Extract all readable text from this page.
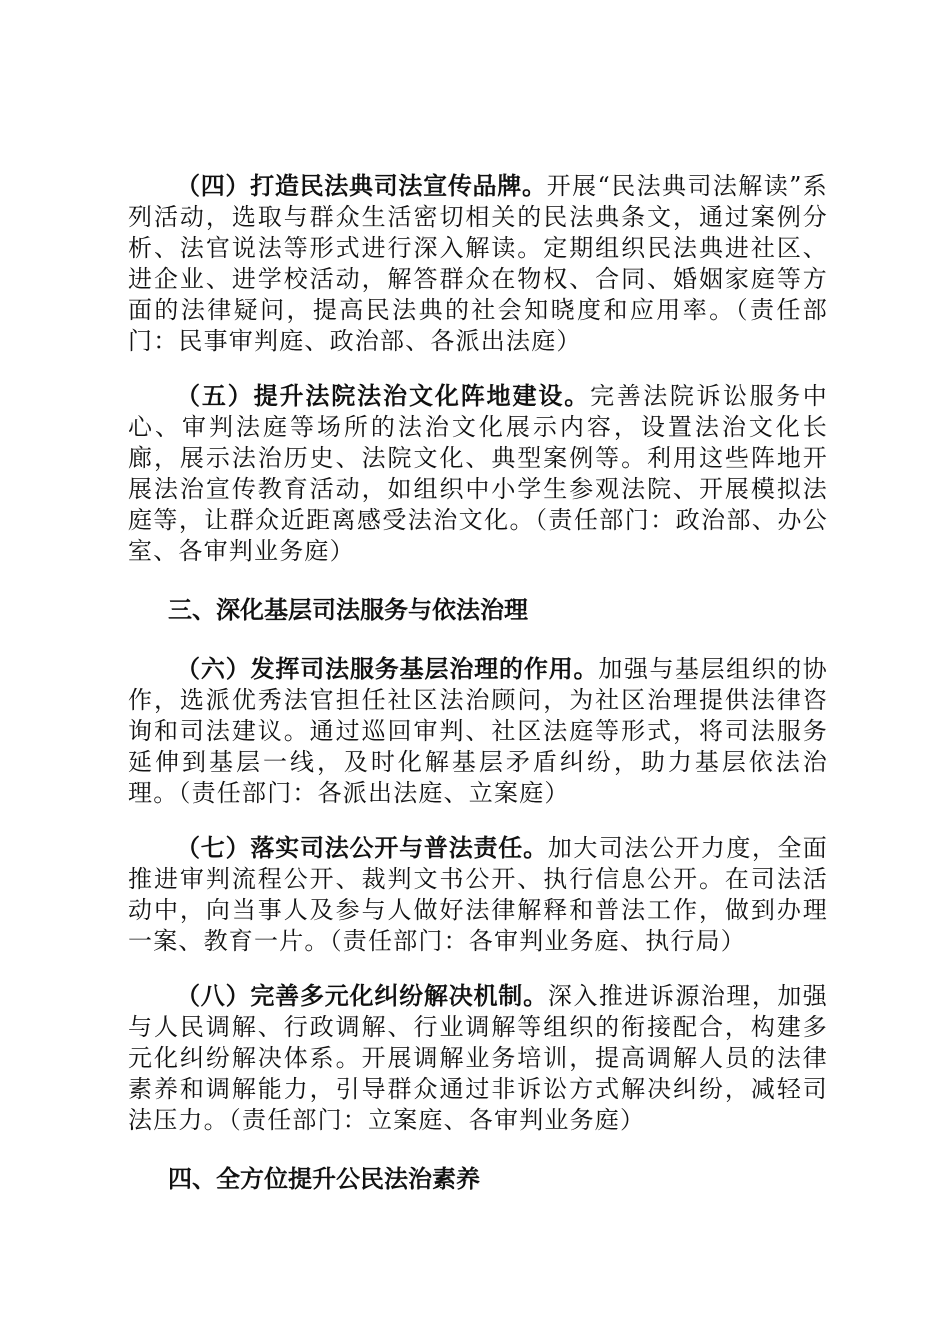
（四）打造民法典司法宣传品牌。开展“民法典司法解读”系列活动，选取与群众生活密切相关的民法典条文，通过案例分析、法官说法等形式进行深入解读。定期组织民法典进社区、进企业、进学校活动，解答群众在物权、合同、婚姻家庭等方面的法律疑问，提高民法典的社会知晓度和应用率。（责任部门：民事审判庭、政治部、各派出法庭）

（五）提升法院法治文化阵地建设。完善法院诉讼服务中心、审判法庭等场所的法治文化展示内容，设置法治文化长廊，展示法治历史、法院文化、典型案例等。利用这些阵地开展法治宣传教育活动，如组织中小学生参观法院、开展模拟法庭等，让群众近距离感受法治文化。（责任部门：政治部、办公室、各审判业务庭）

三、深化基层司法服务与依法治理

（六）发挥司法服务基层治理的作用。加强与基层组织的协作，选派优秀法官担任社区法治顾问，为社区治理提供法律咨询和司法建议。通过巡回审判、社区法庭等形式，将司法服务延伸到基层一线，及时化解基层矛盾纠纷，助力基层依法治理。（责任部门：各派出法庭、立案庭）

（七）落实司法公开与普法责任。加大司法公开力度，全面推进审判流程公开、裁判文书公开、执行信息公开。在司法活动中，向当事人及参与人做好法律解释和普法工作，做到办理一案、教育一片。（责任部门：各审判业务庭、执行局）

（八）完善多元化纠纷解决机制。深入推进诉源治理，加强与人民调解、行政调解、行业调解等组织的衔接配合，构建多元化纠纷解决体系。开展调解业务培训，提高调解人员的法律素养和调解能力，引导群众通过非诉讼方式解决纠纷，减轻司法压力。（责任部门：立案庭、各审判业务庭）

四、全方位提升公民法治素养
